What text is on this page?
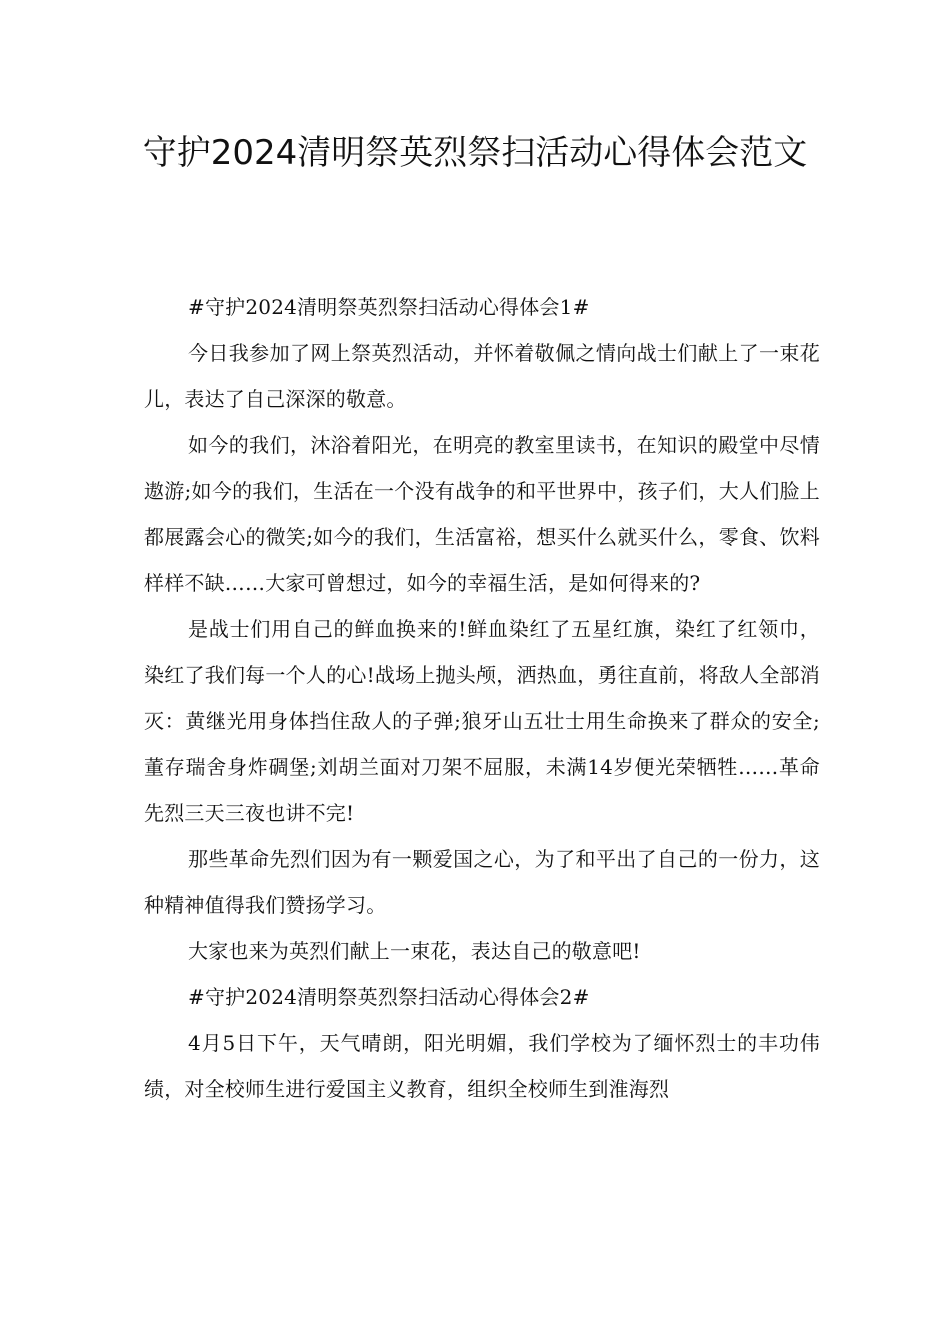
守护2024清明祭英烈祭扫活动心得体会范文

#守护2024清明祭英烈祭扫活动心得体会1#

今日我参加了网上祭英烈活动，并怀着敬佩之情向战士们献上了一束花儿，表达了自己深深的敬意。

如今的我们，沐浴着阳光，在明亮的教室里读书，在知识的殿堂中尽情遨游;如今的我们，生活在一个没有战争的和平世界中，孩子们，大人们脸上都展露会心的微笑;如今的我们，生活富裕，想买什么就买什么，零食、饮料样样不缺……大家可曾想过，如今的幸福生活，是如何得来的?

是战士们用自己的鲜血换来的!鲜血染红了五星红旗，染红了红领巾，染红了我们每一个人的心!战场上抛头颅，洒热血，勇往直前，将敌人全部消灭：黄继光用身体挡住敌人的子弹;狼牙山五壮士用生命换来了群众的安全;董存瑞舍身炸碉堡;刘胡兰面对刀架不屈服，未满14岁便光荣牺牲……革命先烈三天三夜也讲不完!

那些革命先烈们因为有一颗爱国之心，为了和平出了自己的一份力，这种精神值得我们赞扬学习。

大家也来为英烈们献上一束花，表达自己的敬意吧!

#守护2024清明祭英烈祭扫活动心得体会2#

4月5日下午，天气晴朗，阳光明媚，我们学校为了缅怀烈士的丰功伟绩，对全校师生进行爱国主义教育，组织全校师生到淮海烈
